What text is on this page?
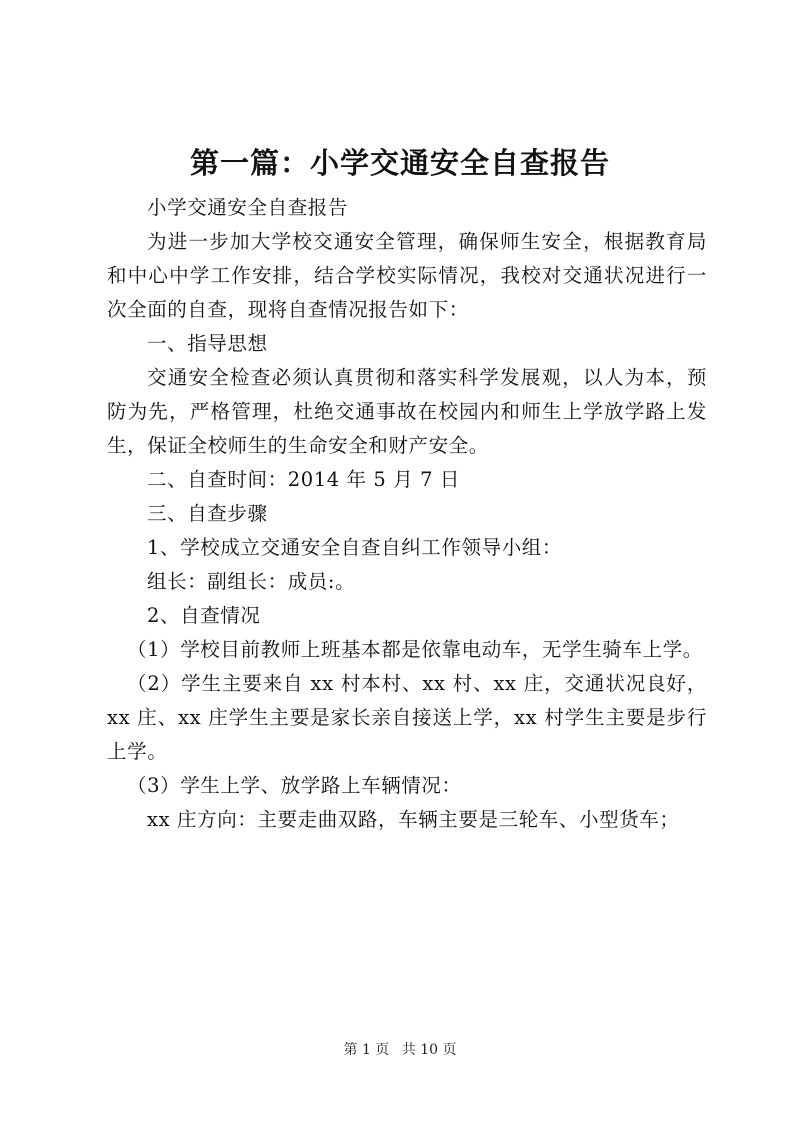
第一篇：小学交通安全自查报告

小学交通安全自查报告

为进一步加大学校交通安全管理，确保师生安全，根据教育局和中心中学工作安排，结合学校实际情况，我校对交通状况进行一次全面的自查，现将自查情况报告如下：

一、指导思想

交通安全检查必须认真贯彻和落实科学发展观，以人为本，预防为先，严格管理，杜绝交通事故在校园内和师生上学放学路上发生，保证全校师生的生命安全和财产安全。

二、自查时间：2014 年 5 月 7 日

三、自查步骤

1、学校成立交通安全自查自纠工作领导小组：

组长：副组长：成员:。

2、自查情况

（1）学校目前教师上班基本都是依靠电动车，无学生骑车上学。

（2）学生主要来自 xx 村本村、xx 村、xx 庄，交通状况良好，xx 庄、xx 庄学生主要是家长亲自接送上学，xx 村学生主要是步行上学。

（3）学生上学、放学路上车辆情况：

xx 庄方向：主要走曲双路，车辆主要是三轮车、小型货车；

第 1 页 共 10 页
